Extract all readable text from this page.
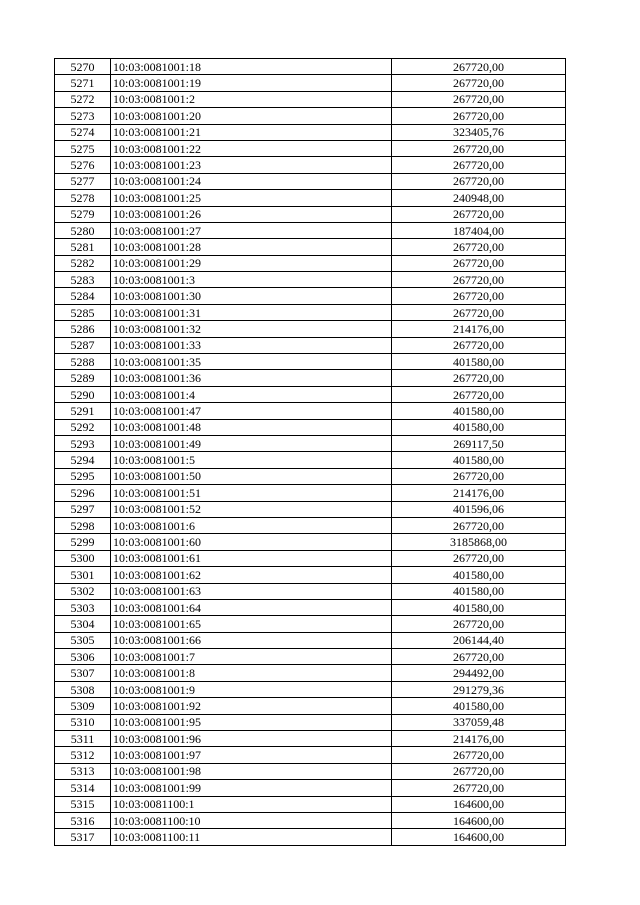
5270	10:03:0081001:18	267720,00
5271	10:03:0081001:19	267720,00
5272	10:03:0081001:2	267720,00
5273	10:03:0081001:20	267720,00
5274	10:03:0081001:21	323405,76
5275	10:03:0081001:22	267720,00
5276	10:03:0081001:23	267720,00
5277	10:03:0081001:24	267720,00
5278	10:03:0081001:25	240948,00
5279	10:03:0081001:26	267720,00
5280	10:03:0081001:27	187404,00
5281	10:03:0081001:28	267720,00
5282	10:03:0081001:29	267720,00
5283	10:03:0081001:3	267720,00
5284	10:03:0081001:30	267720,00
5285	10:03:0081001:31	267720,00
5286	10:03:0081001:32	214176,00
5287	10:03:0081001:33	267720,00
5288	10:03:0081001:35	401580,00
5289	10:03:0081001:36	267720,00
5290	10:03:0081001:4	267720,00
5291	10:03:0081001:47	401580,00
5292	10:03:0081001:48	401580,00
5293	10:03:0081001:49	269117,50
5294	10:03:0081001:5	401580,00
5295	10:03:0081001:50	267720,00
5296	10:03:0081001:51	214176,00
5297	10:03:0081001:52	401596,06
5298	10:03:0081001:6	267720,00
5299	10:03:0081001:60	3185868,00
5300	10:03:0081001:61	267720,00
5301	10:03:0081001:62	401580,00
5302	10:03:0081001:63	401580,00
5303	10:03:0081001:64	401580,00
5304	10:03:0081001:65	267720,00
5305	10:03:0081001:66	206144,40
5306	10:03:0081001:7	267720,00
5307	10:03:0081001:8	294492,00
5308	10:03:0081001:9	291279,36
5309	10:03:0081001:92	401580,00
5310	10:03:0081001:95	337059,48
5311	10:03:0081001:96	214176,00
5312	10:03:0081001:97	267720,00
5313	10:03:0081001:98	267720,00
5314	10:03:0081001:99	267720,00
5315	10:03:0081100:1	164600,00
5316	10:03:0081100:10	164600,00
5317	10:03:0081100:11	164600,00
